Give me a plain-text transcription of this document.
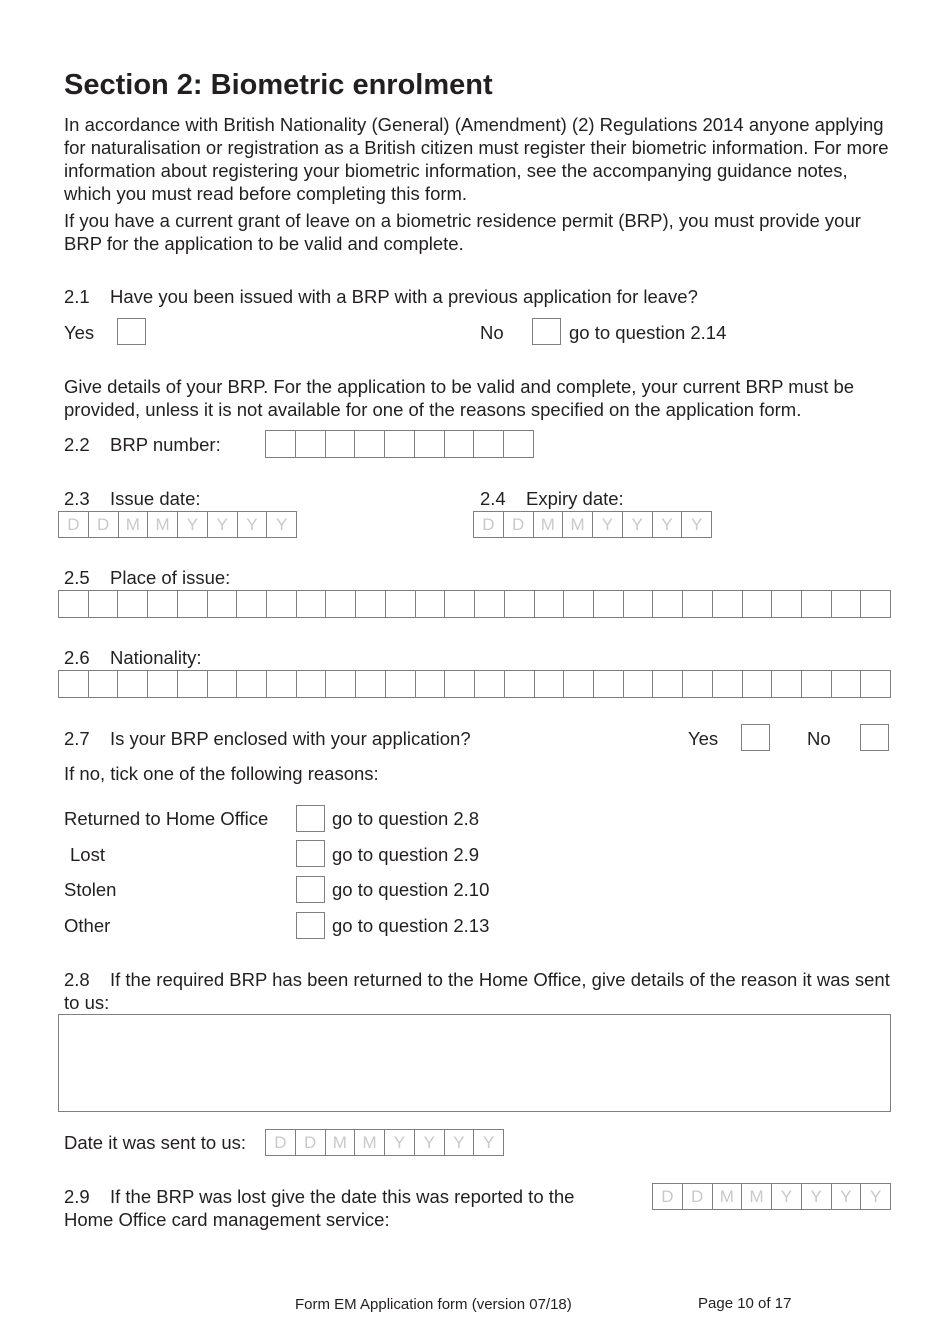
Section 2: Biometric enrolment

In accordance with British Nationality (General) (Amendment) (2) Regulations 2014 anyone applying for naturalisation or registration as a British citizen must register their biometric information. For more information about registering your biometric information, see the accompanying guidance notes, which you must read before completing this form.

If you have a current grant of leave on a biometric residence permit (BRP), you must provide your BRP for the application to be valid and complete.

2.1 Have you been issued with a BRP with a previous application for leave?
Yes	No	go to question 2.14

Give details of your BRP. For the application to be valid and complete, your current BRP must be provided, unless it is not available for one of the reasons specified on the application form.

2.2 BRP number:
2.3 Issue date:
D	D M M	Y	Y	Y	Y
2.4 Expiry date:
D	D M M	Y	Y	Y	Y
2.5 Place of issue:
2.6 Nationality:
2.7 Is your BRP enclosed with your application?	Yes	No
If no, tick one of the following reasons:
Returned to Home Office	go to question 2.8
Lost	go to question 2.9
Stolen	go to question 2.10
Other	go to question 2.13

2.8 If the required BRP has been returned to the Home Office, give details of the reason it was sent to us:

Date it was sent to us:	D	D M M	Y	Y	Y	Y
2.9 If the BRP was lost give the date this was reported to the
Home Office card management service:
D	D M M	Y	Y	Y	Y
Form EM Application form (version 07/18)	Page 10 of 17
